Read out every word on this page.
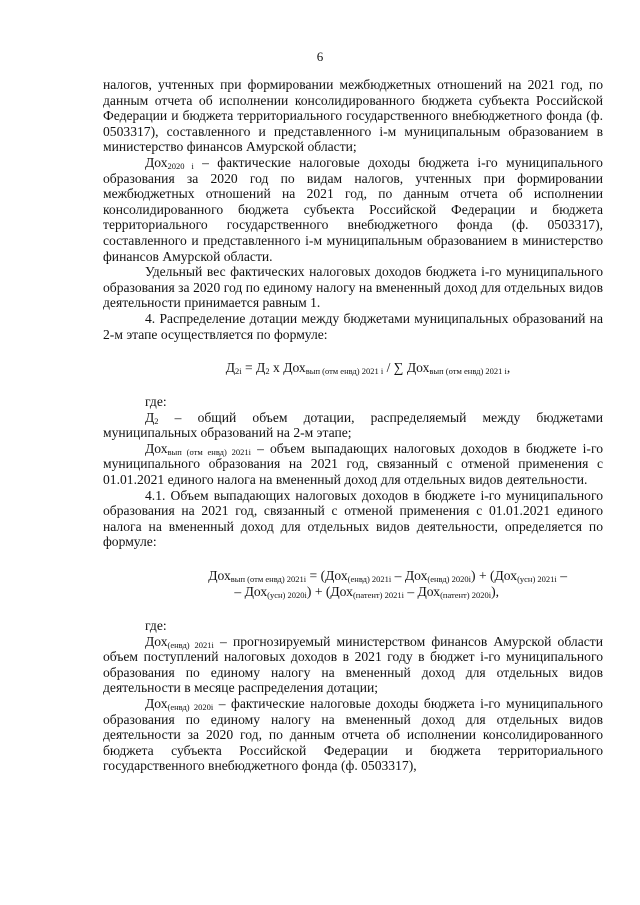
6

налогов, учтенных при формировании межбюджетных отношений на 2021 год, по данным отчета об исполнении консолидированного бюджета субъекта Российской Федерации и бюджета территориального государственного внебюджетного фонда (ф. 0503317), составленного и представленного i-м муниципальным образованием в министерство финансов Амурской области;

Дох$_{2020 i}$ – фактические налоговые доходы бюджета i-го муниципального образования за 2020 год по видам налогов, учтенных при формировании межбюджетных отношений на 2021 год, по данным отчета об исполнении консолидированного бюджета субъекта Российской Федерации и бюджета территориального государственного внебюджетного фонда (ф. 0503317), составленного и представленного i-м муниципальным образованием в министерство финансов Амурской области.

Удельный вес фактических налоговых доходов бюджета i-го муниципального образования за 2020 год по единому налогу на вмененный доход для отдельных видов деятельности принимается равным 1.

4. Распределение дотации между бюджетами муниципальных образований на 2-м этапе осуществляется по формуле:

$Д_{2i} = Д_2$ х Дох$_{вып (отм енвд) 2021 i}$ / ∑ Дох$_{вып (отм енвд) 2021 i}$,

где:

$Д_2$ – общий объем дотации, распределяемый между бюджетами муниципальных образований на 2-м этапе;

Дох$_{вып (отм енвд) 2021i}$ – объем выпадающих налоговых доходов в бюджете i-го муниципального образования на 2021 год, связанный с отменой применения с 01.01.2021 единого налога на вмененный доход для отдельных видов деятельности.

4.1. Объем выпадающих налоговых доходов в бюджете i-го муниципального образования на 2021 год, связанный с отменой применения с 01.01.2021 единого налога на вмененный доход для отдельных видов деятельности, определяется по формуле:

Дох$_{вып (отм енвд) 2021i}$ = (Дох$_{(енвд) 2021i}$ – Дох$_{(енвд) 2020i}$) + (Дох$_{(усн) 2021i}$ –
– Дох$_{(усн) 2020i}$) + (Дох$_{(патент) 2021i}$ – Дох$_{(патент) 2020i}$),

где:

Дох$_{(енвд) 2021i}$ – прогнозируемый министерством финансов Амурской области объем поступлений налоговых доходов в 2021 году в бюджет i-го муниципального образования по единому налогу на вмененный доход для отдельных видов деятельности в месяце распределения дотации;

Дох$_{(енвд) 2020i}$ – фактические налоговые доходы бюджета i-го муниципального образования по единому налогу на вмененный доход для отдельных видов деятельности за 2020 год, по данным отчета об исполнении консолидированного бюджета субъекта Российской Федерации и бюджета территориального государственного внебюджетного фонда (ф. 0503317),
